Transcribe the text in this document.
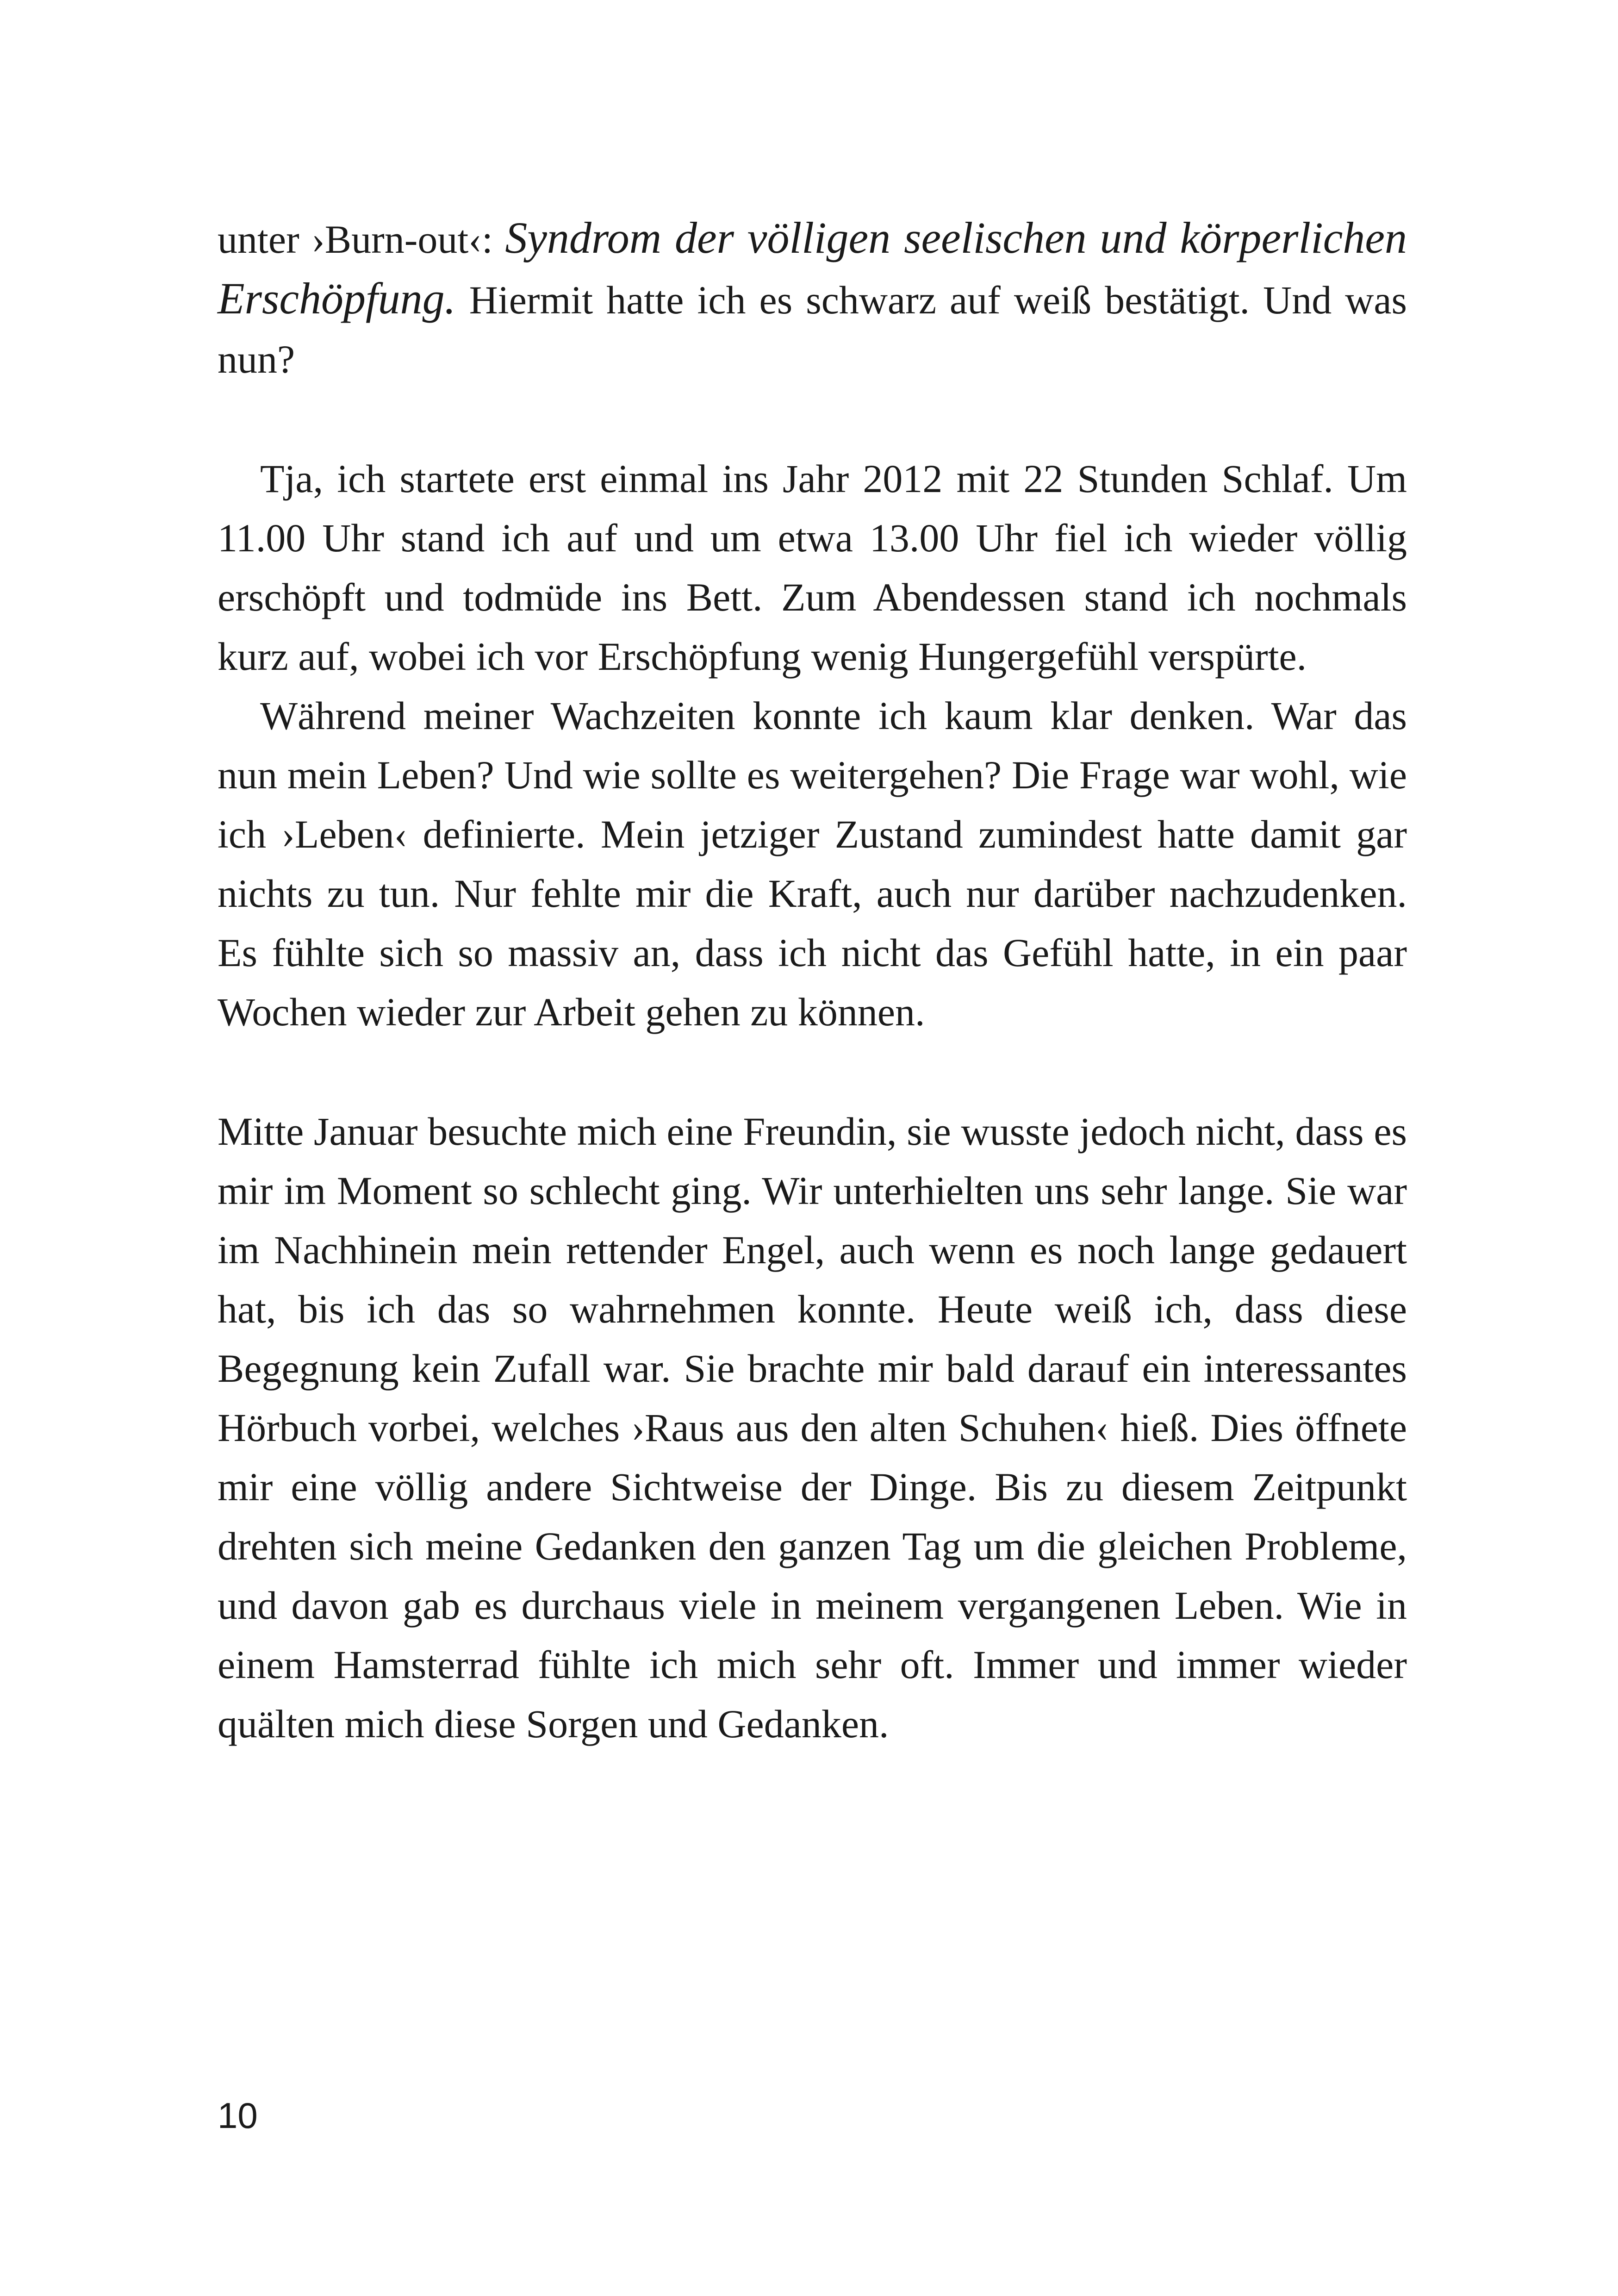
unter ›Burn-out‹: Syndrom der völligen seelischen und körperlichen Erschöpfung. Hiermit hatte ich es schwarz auf weiß bestätigt. Und was nun?

Tja, ich startete erst einmal ins Jahr 2012 mit 22 Stunden Schlaf. Um 11.00 Uhr stand ich auf und um etwa 13.00 Uhr fiel ich wieder völlig erschöpft und todmüde ins Bett. Zum Abendessen stand ich nochmals kurz auf, wobei ich vor Erschöpfung wenig Hungergefühl verspürte.

Während meiner Wachzeiten konnte ich kaum klar denken. War das nun mein Leben? Und wie sollte es weitergehen? Die Frage war wohl, wie ich ›Leben‹ definierte. Mein jetziger Zustand zumindest hatte damit gar nichts zu tun. Nur fehlte mir die Kraft, auch nur darüber nachzudenken. Es fühlte sich so massiv an, dass ich nicht das Gefühl hatte, in ein paar Wochen wieder zur Arbeit gehen zu können.

Mitte Januar besuchte mich eine Freundin, sie wusste jedoch nicht, dass es mir im Moment so schlecht ging. Wir unterhielten uns sehr lange. Sie war im Nachhinein mein rettender Engel, auch wenn es noch lange gedauert hat, bis ich das so wahrnehmen konnte. Heute weiß ich, dass diese Begegnung kein Zufall war. Sie brachte mir bald darauf ein interessantes Hörbuch vorbei, welches ›Raus aus den alten Schuhen‹ hieß. Dies öffnete mir eine völlig andere Sichtweise der Dinge. Bis zu diesem Zeitpunkt drehten sich meine Gedanken den ganzen Tag um die gleichen Probleme, und davon gab es durchaus viele in meinem vergangenen Leben. Wie in einem Hamsterrad fühlte ich mich sehr oft. Immer und immer wieder quälten mich diese Sorgen und Gedanken.

10
